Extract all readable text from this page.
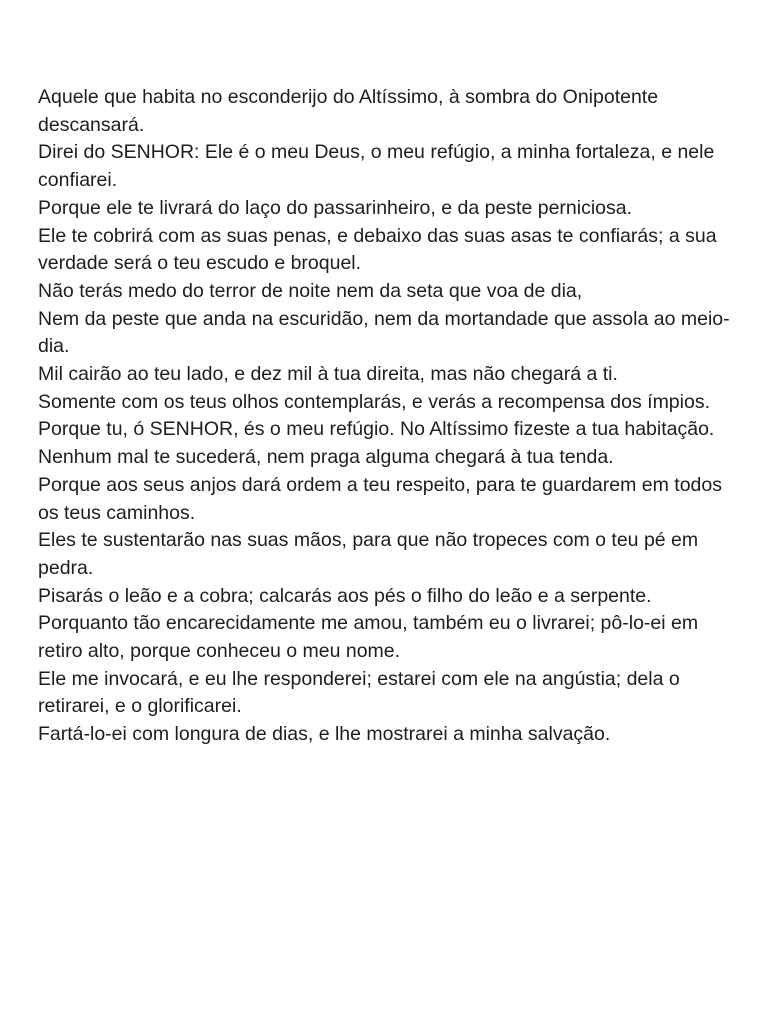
Aquele que habita no esconderijo do Altíssimo, à sombra do Onipotente descansará.

Direi do SENHOR: Ele é o meu Deus, o meu refúgio, a minha fortaleza, e nele confiarei.

Porque ele te livrará do laço do passarinheiro, e da peste perniciosa.

Ele te cobrirá com as suas penas, e debaixo das suas asas te confiarás; a sua verdade será o teu escudo e broquel.

Não terás medo do terror de noite nem da seta que voa de dia,

Nem da peste que anda na escuridão, nem da mortandade que assola ao meio-dia.

Mil cairão ao teu lado, e dez mil à tua direita, mas não chegará a ti.

Somente com os teus olhos contemplarás, e verás a recompensa dos ímpios.

Porque tu, ó SENHOR, és o meu refúgio. No Altíssimo fizeste a tua habitação.

Nenhum mal te sucederá, nem praga alguma chegará à tua tenda.

Porque aos seus anjos dará ordem a teu respeito, para te guardarem em todos os teus caminhos.

Eles te sustentarão nas suas mãos, para que não tropeces com o teu pé em pedra.

Pisarás o leão e a cobra; calcarás aos pés o filho do leão e a serpente.

Porquanto tão encarecidamente me amou, também eu o livrarei; pô-lo-ei em retiro alto, porque conheceu o meu nome.

Ele me invocará, e eu lhe responderei; estarei com ele na angústia; dela o retirarei, e o glorificarei.

Fartá-lo-ei com longura de dias, e lhe mostrarei a minha salvação.
